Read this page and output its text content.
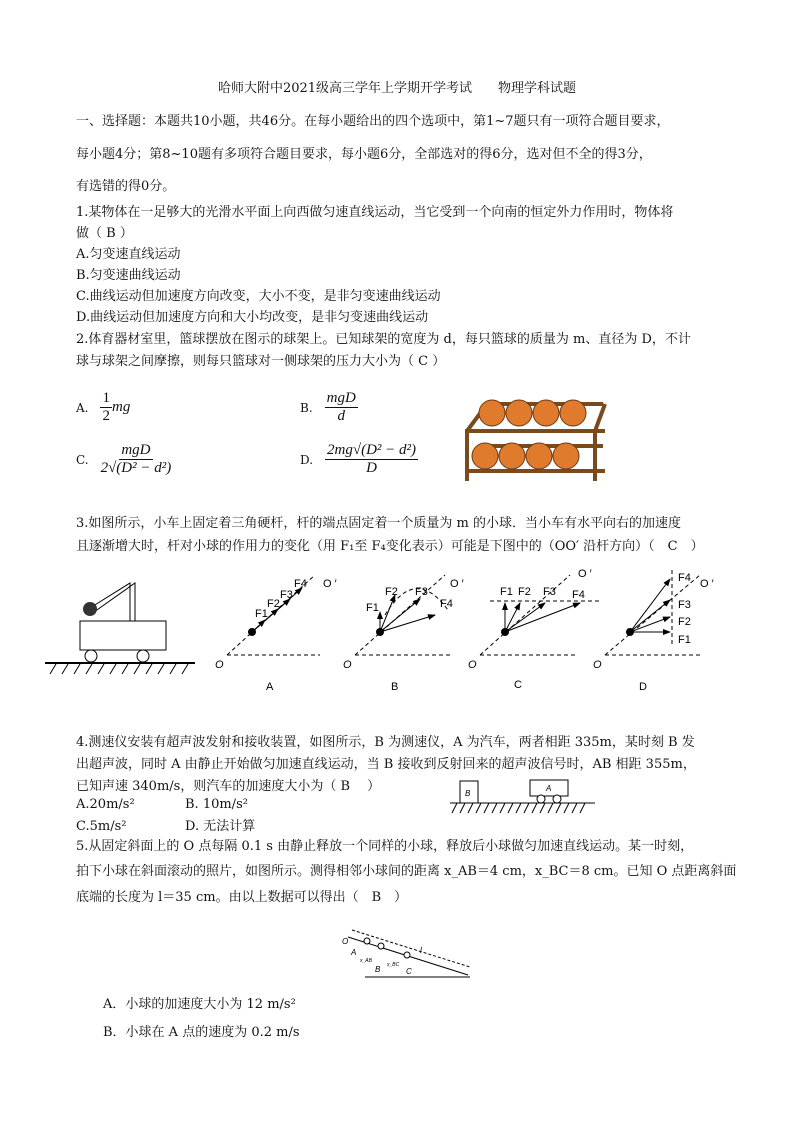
哈师大附中2021级高三学年上学期开学考试　　物理学科试题
一、选择题：本题共10小题，共46分。在每小题给出的四个选项中，第1~7题只有一项符合题目要求，
每小题4分；第8~10题有多项符合题目要求，每小题6分，全部选对的得6分，选对但不全的得3分，
有选错的得0分。
1.某物体在一足够大的光滑水平面上向西做匀速直线运动，当它受到一个向南的恒定外力作用时，物体将
做（ B ）
A.匀变速直线运动
B.匀变速曲线运动
C.曲线运动但加速度方向改变，大小不变，是非匀变速曲线运动
D.曲线运动但加速度方向和大小均改变，是非匀变速曲线运动
2.体育器材室里，篮球摆放在图示的球架上。已知球架的宽度为 d，每只篮球的质量为 m、直径为 D，不计
球与球架之间摩擦，则每只篮球对一侧球架的压力大小为（ C ）
A. $\frac{1}{2}$ mg	B. $\frac{\text{mgD}}{d}$
C. $\frac{\text{mgD}}{\text{2√(D² − d²)}}$	D. $\frac{\text{2mg√(D² − d²)}}{D}$
3.如图所示，小车上固定着三角硬杆，杆的端点固定着一个质量为 m 的小球．当小车有水平向右的加速度
且逐渐增大时，杆对小球的作用力的变化（用 F₁至 F₄变化表示）可能是下图中的（OO′ 沿杆方向）（　C　）
O	O	O	O
O ′	O ′
O ′
O ′
F1
F2
F3
F4
F1
F2 F3
F4
F1 F2 F3 F4
F1
F2
F3
F4
A	B	C	D
4.测速仪安装有超声波发射和接收装置，如图所示，B 为测速仪，A 为汽车，两者相距 335m，某时刻 B 发
出超声波，同时 A 由静止开始做匀加速直线运动，当 B 接收到反射回来的超声波信号时，AB 相距 355m，
已知声速 340m/s，则汽车的加速度大小为（ B　 ）
A.20m/s²	B. 10m/s²
C.5m/s²	D. 无法计算
B
A
5.从固定斜面上的 O 点每隔 0.1 s 由静止释放一个同样的小球，释放后小球做匀加速直线运动。某一时刻，
拍下小球在斜面滚动的照片，如图所示。测得相邻小球间的距离 x_AB＝4 cm，x_BC＝8 cm。已知 O 点距离斜面
底端的长度为 l＝35 cm。由以上数据可以得出（　B　）
O
A
B	C
l
x_AB
x_BC
A．小球的加速度大小为 12 m/s²
B．小球在 A 点的速度为 0.2 m/s
